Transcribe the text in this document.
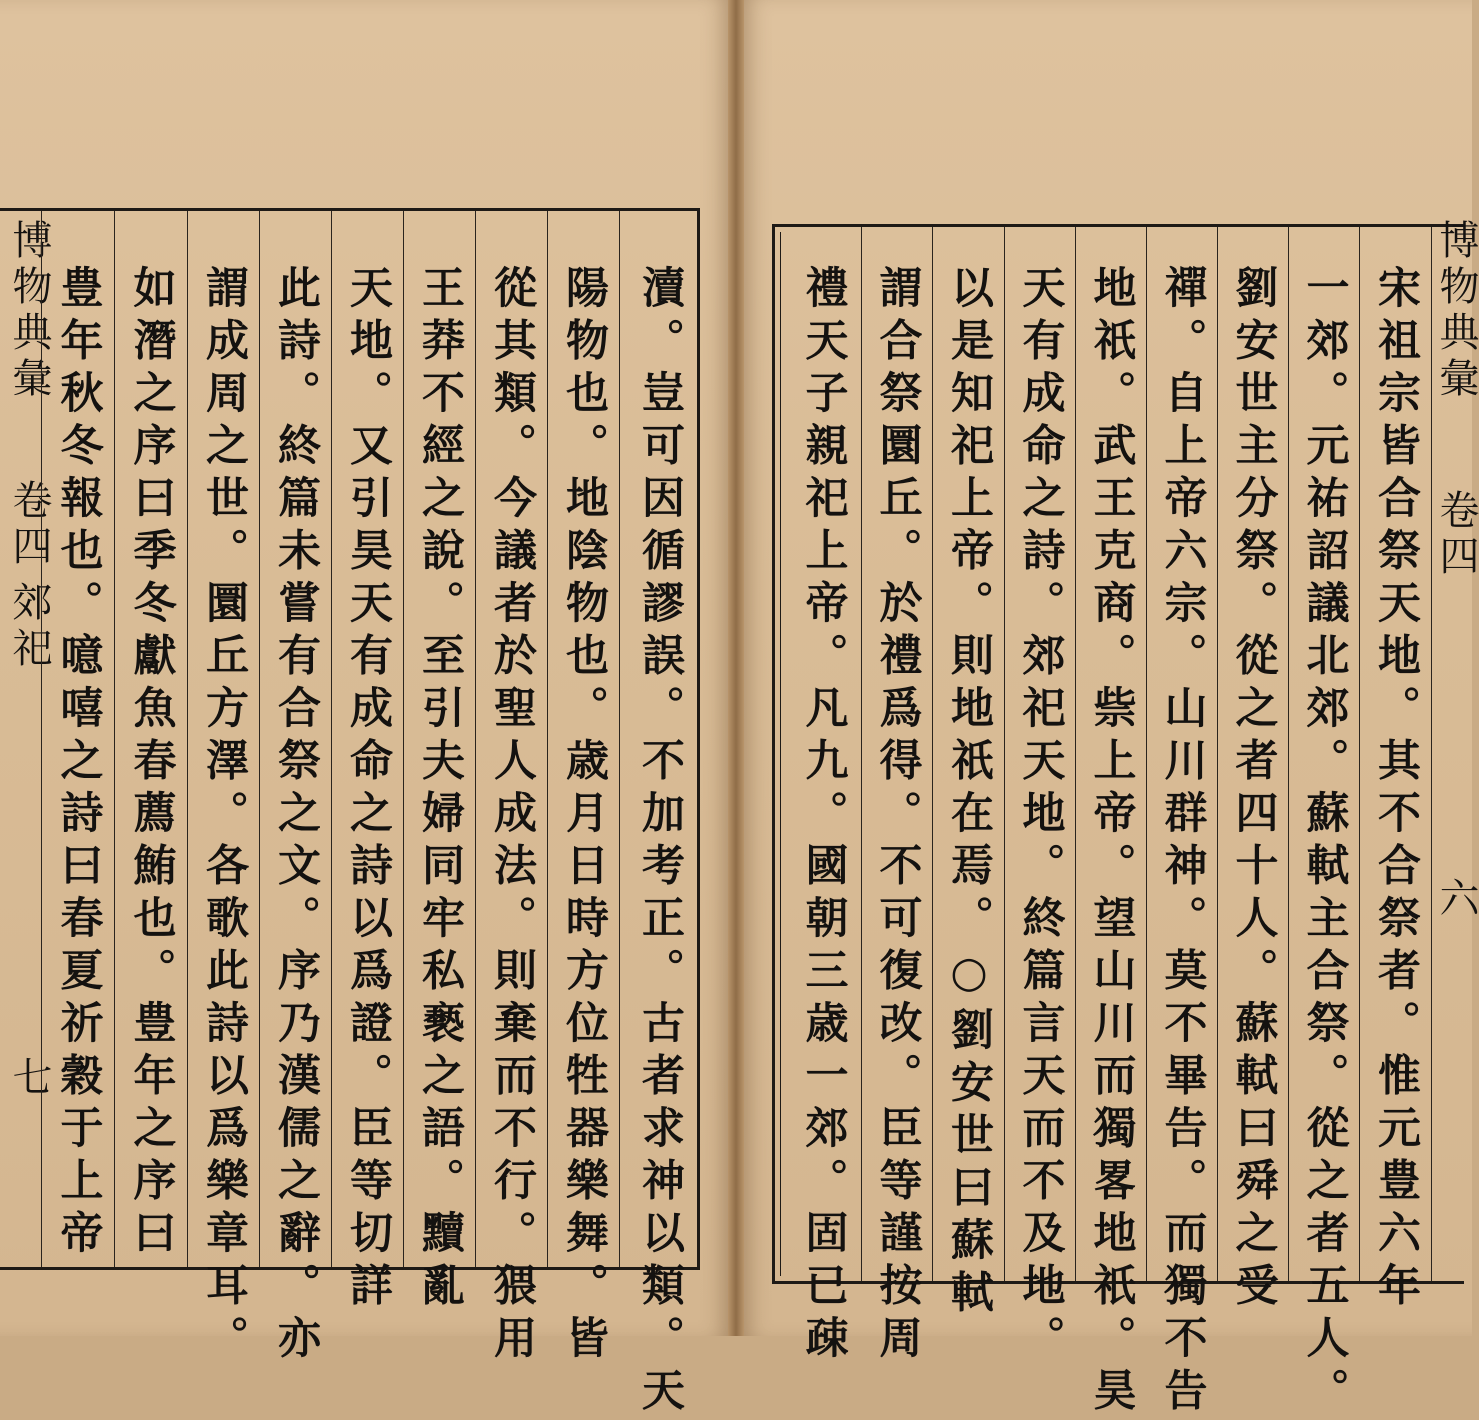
博物典彙
卷四
郊祀
七 豊年秋冬報也。噫嘻之詩曰春夏祈穀于上帝 如潛之序曰季冬獻魚春薦鮪也。豊年之序曰 謂成周之世。圜丘方澤。各歌此詩以爲樂章耳。 此詩。終篇未嘗有合祭之文。序乃漢儒之辭。亦 天地。又引昊天有成命之詩以爲證。臣等切詳 王莽不經之說。至引夫婦同牢私褻之語。黷亂 從其類。今議者於聖人成法。則棄而不行。猥用 陽物也。地陰物也。歳月日時方位牲器樂舞。皆 瀆。豈可因循謬誤。不加考正。古者求神以類。天	禮天子親祀上帝。凡九。國朝三歳一郊。固已疎 謂合祭圜丘。於禮爲得。不可復改。臣等謹按周 以是知祀上帝。則地祇在焉。○劉安世曰蘇軾 天有成命之詩。郊祀天地。終篇言天而不及地。 地祇。武王克商。祡上帝。望山川而獨畧地祇。昊 禪。自上帝六宗。山川群神。莫不畢告。而獨不告 劉安世主分祭。從之者四十人。蘇軾曰舜之受 一郊。元祐詔議北郊。蘇軾主合祭。從之者五人。 宋祖宗皆合祭天地。其不合祭者。惟元豊六年 博物典彙
卷四
六
